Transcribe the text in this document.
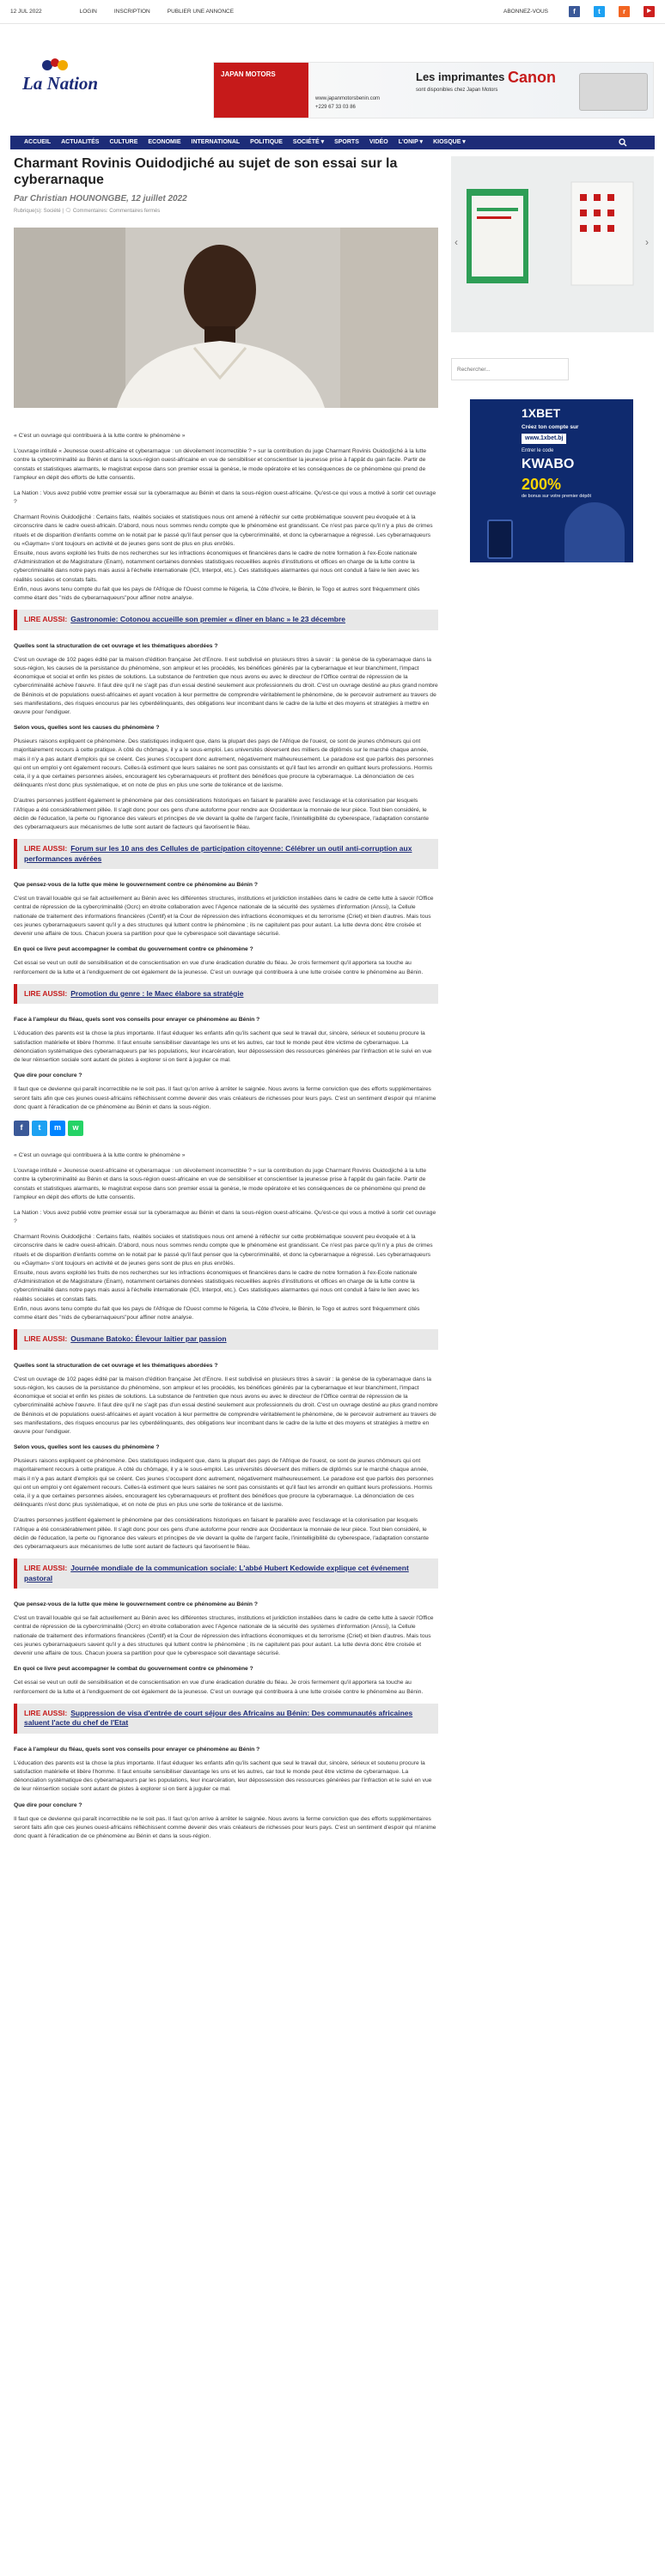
12 JUL 2022	LOGIN	INSCRIPTION	PUBLIER UNE ANNONCE	ABONNEZ-VOUS	f	t	r	▶
La Nation	JAPAN MOTORS
www.japanmotorsbenin.com
+229 67 33 03 86
Les imprimantes Canon
sont disponibles chez Japan Motors
ACCUEIL	ACTUALITÉS	CULTURE	ECONOMIE	INTERNATIONAL	POLITIQUE	SOCIÉTÉ ▾	SPORTS	VIDÉO	L'ONIP ▾	KIOSQUE ▾
Charmant Rovinis Ouidodjiché au sujet de son essai sur la cyberarnaque
Par Christian HOUNONGBE, 12 juillet 2022
Rubrique(s): Société | 🗨 Commentaires: Commentaires fermés

« C'est un ouvrage qui contribuera à la lutte contre le phénomène »

L'ouvrage intitulé « Jeunesse ouest-africaine et cyberarnaque : un dévoilement incorrectible ? » sur la contribution du juge Charmant Rovinis Ouidodjiché à la lutte contre la cybercriminalité au Bénin et dans la sous-région ouest-africaine en vue de sensibiliser et conscientiser la jeunesse prise à l'appât du gain facile. Partir de constats et statistiques alarmants, le magistrat expose dans son premier essai la genèse, le mode opératoire et les conséquences de ce phénomène qui prend de l'ampleur en dépit des efforts de lutte consentis.

La Nation : Vous avez publié votre premier essai sur la cyberarnaque au Bénin et dans la sous-région ouest-africaine. Qu'est-ce qui vous a motivé à sortir cet ouvrage ?

Charmant Rovinis Ouidodjiché : Certains faits, réalités sociales et statistiques nous ont amené à réfléchir sur cette problématique souvent peu évoquée et à la circonscrire dans le cadre ouest-africain. D'abord, nous nous sommes rendu compte que le phénomène est grandissant. Ce n'est pas parce qu'il n'y a plus de crimes rituels et de disparition d'enfants comme on le notait par le passé qu'il faut penser que la cybercriminalité, et donc la cyberarnaque a régressé. Les cyberarnaqueurs ou «Gayman» s'ont toujours en activité et de jeunes gens sont de plus en plus enrôlés.

Ensuite, nous avons exploité les fruits de nos recherches sur les infractions économiques et financières dans le cadre de notre formation à l'ex-Ecole nationale d'Administration et de Magistrature (Enam), notamment certaines données statistiques recueillies auprès d'institutions et offices en charge de la lutte contre la cybercriminalité dans notre pays mais aussi à l'échelle internationale (ICI, Interpol, etc.). Ces statistiques alarmantes qui nous ont conduit à faire le lien avec les réalités sociales et constats faits.

Enfin, nous avons tenu compte du fait que les pays de l'Afrique de l'Ouest comme le Nigeria, la Côte d'Ivoire, le Bénin, le Togo et autres sont fréquemment cités comme étant des "nids de cyberarnaqueurs"pour affiner notre analyse.

LIRE AUSSI: Gastronomie: Cotonou accueille son premier « dîner en blanc » le 23 décembre

Quelles sont la structuration de cet ouvrage et les thématiques abordées ?

C'est un ouvrage de 102 pages édité par la maison d'édition française Jet d'Encre. Il est subdivisé en plusieurs titres à savoir : la genèse de la cyberarnaque dans la sous-région, les causes de la persistance du phénomène, son ampleur et les procédés, les bénéfices générés par la cyberarnaque et leur blanchiment, l'impact économique et social et enfin les pistes de solutions. La substance de l'entretien que nous avons eu avec le directeur de l'Office central de répression de la cybercriminalité achève l'œuvre. Il faut dire qu'il ne s'agit pas d'un essai destiné seulement aux professionnels du droit. C'est un ouvrage destiné au plus grand nombre de Béninois et de populations ouest-africaines et ayant vocation à leur permettre de comprendre véritablement le phénomène, de le percevoir autrement au travers de ses manifestations, des risques encourus par les cyberdélinquants, des obligations leur incombant dans le cadre de la lutte et des moyens et stratégies à mettre en œuvre pour l'endiguer.

Selon vous, quelles sont les causes du phénomène ?

Plusieurs raisons expliquent ce phénomène. Des statistiques indiquent que, dans la plupart des pays de l'Afrique de l'ouest, ce sont de jeunes chômeurs qui ont majoritairement recours à cette pratique. A côté du chômage, il y a le sous-emploi. Les universités déversent des milliers de diplômés sur le marché chaque année, mais il n'y a pas autant d'emplois qui se créent. Ces jeunes s'occupent donc autrement, négativement malheureusement. Le paradoxe est que parfois des personnes qui ont un emploi y ont également recours. Celles-là estiment que leurs salaires ne sont pas consistants et qu'il faut les arrondir en quittant leurs professions. Hormis cela, il y a que certaines personnes aisées, encouragent les cyberarnaqueurs et profitent des bénéfices que procure la cyberarnaque. La dénonciation de ces délinquants n'est donc plus systématique, et on note de plus en plus une sorte de tolérance et de laxisme.

D'autres personnes justifient également le phénomène par des considérations historiques en faisant le parallèle avec l'esclavage et la colonisation par lesquels l'Afrique a été considérablement pillée. Il s'agit donc pour ces gens d'une autoforme pour rendre aux Occidentaux la monnaie de leur pièce. Tout bien considéré, le déclin de l'éducation, la perte ou l'ignorance des valeurs et principes de vie devant la quête de l'argent facile, l'inintelligibilité du cyberespace, l'adaptation constante des cyberarnaqueurs aux mécanismes de lutte sont autant de facteurs qui favorisent le fléau.

LIRE AUSSI: Forum sur les 10 ans des Cellules de participation citoyenne: Célébrer un outil anti-corruption aux performances avérées

Que pensez-vous de la lutte que mène le gouvernement contre ce phénomène au Bénin ?

C'est un travail louable qui se fait actuellement au Bénin avec les différentes structures, institutions et juridiction installées dans le cadre de cette lutte à savoir l'Office central de répression de la cybercriminalité (Ocrc) en étroite collaboration avec l'Agence nationale de la sécurité des systèmes d'information (Anssi), la Cellule nationale de traitement des informations financières (Centif) et la Cour de répression des infractions économiques et du terrorisme (Criet) et bien d'autres. Mais tous ces jeunes cyberarnaqueurs savent qu'il y a des structures qui luttent contre le phénomène ; ils ne capitulent pas pour autant. La lutte devra donc être croisée et devenir une affaire de tous. Chacun jouera sa partition pour que le cyberespace soit davantage sécurisé.

En quoi ce livre peut accompagner le combat du gouvernement contre ce phénomène ?

Cet essai se veut un outil de sensibilisation et de conscientisation en vue d'une éradication durable du fléau. Je crois fermement qu'il apportera sa touche au renforcement de la lutte et à l'endiguement de cet également de la jeunesse. C'est un ouvrage qui contribuera à une lutte croisée contre le phénomène au Bénin.

LIRE AUSSI: Promotion du genre : le Maec élabore sa stratégie

Face à l'ampleur du fléau, quels sont vos conseils pour enrayer ce phénomène au Bénin ?

L'éducation des parents est la chose la plus importante. Il faut éduquer les enfants afin qu'ils sachent que seul le travail dur, sincère, sérieux et soutenu procure la satisfaction matérielle et libère l'homme. Il faut ensuite sensibiliser davantage les uns et les autres, car tout le monde peut être victime de cyberarnaque. La dénonciation systématique des cyberarnaqueurs par les populations, leur incarcération, leur dépossession des ressources générées par l'infraction et le suivi en vue de leur réinsertion sociale sont autant de pistes à explorer si on tient à juguler ce mal.

Que dire pour conclure ?

Il faut que ce devienne qui paraît incorrectible ne le soit pas. Il faut qu'on arrive à arrêter le saignée. Nous avons la ferme conviction que des efforts supplémentaires seront faits afin que ces jeunes ouest-africains réfléchissent comme devenir des vrais créateurs de richesses pour leurs pays. C'est un sentiment d'espoir qui m'anime donc quant à l'éradication de ce phénomène au Bénin et dans la sous-région.

f	t	m	w

« C'est un ouvrage qui contribuera à la lutte contre le phénomène »

L'ouvrage intitulé « Jeunesse ouest-africaine et cyberarnaque : un dévoilement incorrectible ? » sur la contribution du juge Charmant Rovinis Ouidodjiché à la lutte contre la cybercriminalité au Bénin et dans la sous-région ouest-africaine en vue de sensibiliser et conscientiser la jeunesse prise à l'appât du gain facile. Partir de constats et statistiques alarmants, le magistrat expose dans son premier essai la genèse, le mode opératoire et les conséquences de ce phénomène qui prend de l'ampleur en dépit des efforts de lutte consentis.

La Nation : Vous avez publié votre premier essai sur la cyberarnaque au Bénin et dans la sous-région ouest-africaine. Qu'est-ce qui vous a motivé à sortir cet ouvrage ?

Charmant Rovinis Ouidodjiché : Certains faits, réalités sociales et statistiques nous ont amené à réfléchir sur cette problématique souvent peu évoquée et à la circonscrire dans le cadre ouest-africain. D'abord, nous nous sommes rendu compte que le phénomène est grandissant. Ce n'est pas parce qu'il n'y a plus de crimes rituels et de disparition d'enfants comme on le notait par le passé qu'il faut penser que la cybercriminalité, et donc la cyberarnaque a régressé. Les cyberarnaqueurs ou «Gayman» s'ont toujours en activité et de jeunes gens sont de plus en plus enrôlés.

Ensuite, nous avons exploité les fruits de nos recherches sur les infractions économiques et financières dans le cadre de notre formation à l'ex-Ecole nationale d'Administration et de Magistrature (Enam), notamment certaines données statistiques recueillies auprès d'institutions et offices en charge de la lutte contre la cybercriminalité dans notre pays mais aussi à l'échelle internationale (ICI, Interpol, etc.). Ces statistiques alarmantes qui nous ont conduit à faire le lien avec les réalités sociales et constats faits.

Enfin, nous avons tenu compte du fait que les pays de l'Afrique de l'Ouest comme le Nigeria, la Côte d'Ivoire, le Bénin, le Togo et autres sont fréquemment cités comme étant des "nids de cyberarnaqueurs"pour affiner notre analyse.

LIRE AUSSI: Ousmane Batoko: Élevour laitier par passion

Quelles sont la structuration de cet ouvrage et les thématiques abordées ?

C'est un ouvrage de 102 pages édité par la maison d'édition française Jet d'Encre. Il est subdivisé en plusieurs titres à savoir : la genèse de la cyberarnaque dans la sous-région, les causes de la persistance du phénomène, son ampleur et les procédés, les bénéfices générés par la cyberarnaque et leur blanchiment, l'impact économique et social et enfin les pistes de solutions. La substance de l'entretien que nous avons eu avec le directeur de l'Office central de répression de la cybercriminalité achève l'œuvre. Il faut dire qu'il ne s'agit pas d'un essai destiné seulement aux professionnels du droit. C'est un ouvrage destiné au plus grand nombre de Béninois et de populations ouest-africaines et ayant vocation à leur permettre de comprendre véritablement le phénomène, de le percevoir autrement au travers de ses manifestations, des risques encourus par les cyberdélinquants, des obligations leur incombant dans le cadre de la lutte et des moyens et stratégies à mettre en œuvre pour l'endiguer.

Selon vous, quelles sont les causes du phénomène ?

Plusieurs raisons expliquent ce phénomène. Des statistiques indiquent que, dans la plupart des pays de l'Afrique de l'ouest, ce sont de jeunes chômeurs qui ont majoritairement recours à cette pratique. A côté du chômage, il y a le sous-emploi. Les universités déversent des milliers de diplômés sur le marché chaque année, mais il n'y a pas autant d'emplois qui se créent. Ces jeunes s'occupent donc autrement, négativement malheureusement. Le paradoxe est que parfois des personnes qui ont un emploi y ont également recours. Celles-là estiment que leurs salaires ne sont pas consistants et qu'il faut les arrondir en quittant leurs professions. Hormis cela, il y a que certaines personnes aisées, encouragent les cyberarnaqueurs et profitent des bénéfices que procure la cyberarnaque. La dénonciation de ces délinquants n'est donc plus systématique, et on note de plus en plus une sorte de tolérance et de laxisme.

D'autres personnes justifient également le phénomène par des considérations historiques en faisant le parallèle avec l'esclavage et la colonisation par lesquels l'Afrique a été considérablement pillée. Il s'agit donc pour ces gens d'une autoforme pour rendre aux Occidentaux la monnaie de leur pièce. Tout bien considéré, le déclin de l'éducation, la perte ou l'ignorance des valeurs et principes de vie devant la quête de l'argent facile, l'inintelligibilité du cyberespace, l'adaptation constante des cyberarnaqueurs aux mécanismes de lutte sont autant de facteurs qui favorisent le fléau.

LIRE AUSSI: Journée mondiale de la communication sociale: L'abbé Hubert Kedowide explique cet événement pastoral

Que pensez-vous de la lutte que mène le gouvernement contre ce phénomène au Bénin ?

C'est un travail louable qui se fait actuellement au Bénin avec les différentes structures, institutions et juridiction installées dans le cadre de cette lutte à savoir l'Office central de répression de la cybercriminalité (Ocrc) en étroite collaboration avec l'Agence nationale de la sécurité des systèmes d'information (Anssi), la Cellule nationale de traitement des informations financières (Centif) et la Cour de répression des infractions économiques et du terrorisme (Criet) et bien d'autres. Mais tous ces jeunes cyberarnaqueurs savent qu'il y a des structures qui luttent contre le phénomène ; ils ne capitulent pas pour autant. La lutte devra donc être croisée et devenir une affaire de tous. Chacun jouera sa partition pour que le cyberespace soit davantage sécurisé.

En quoi ce livre peut accompagner le combat du gouvernement contre ce phénomène ?

Cet essai se veut un outil de sensibilisation et de conscientisation en vue d'une éradication durable du fléau. Je crois fermement qu'il apportera sa touche au renforcement de la lutte et à l'endiguement de cet également de la jeunesse. C'est un ouvrage qui contribuera à une lutte croisée contre le phénomène au Bénin.

LIRE AUSSI: Suppression de visa d'entrée de court séjour des Africains au Bénin: Des communautés africaines saluent l'acte du chef de l'Etat

Face à l'ampleur du fléau, quels sont vos conseils pour enrayer ce phénomène au Bénin ?

L'éducation des parents est la chose la plus importante. Il faut éduquer les enfants afin qu'ils sachent que seul le travail dur, sincère, sérieux et soutenu procure la satisfaction matérielle et libère l'homme. Il faut ensuite sensibiliser davantage les uns et les autres, car tout le monde peut être victime de cyberarnaque. La dénonciation systématique des cyberarnaqueurs par les populations, leur incarcération, leur dépossession des ressources générées par l'infraction et le suivi en vue de leur réinsertion sociale sont autant de pistes à explorer si on tient à juguler ce mal.

Que dire pour conclure ?

Il faut que ce devienne qui paraît incorrectible ne le soit pas. Il faut qu'on arrive à arrêter le saignée. Nous avons la ferme conviction que des efforts supplémentaires seront faits afin que ces jeunes ouest-africains réfléchissent comme devenir des vrais créateurs de richesses pour leurs pays. C'est un sentiment d'espoir qui m'anime donc quant à l'éradication de ce phénomène au Bénin et dans la sous-région.

‹	›
Rechercher...
1XBET
Créez ton compte sur
www.1xbet.bj
Entrer le code
KWABO
200%
de bonus sur votre premier dépôt
